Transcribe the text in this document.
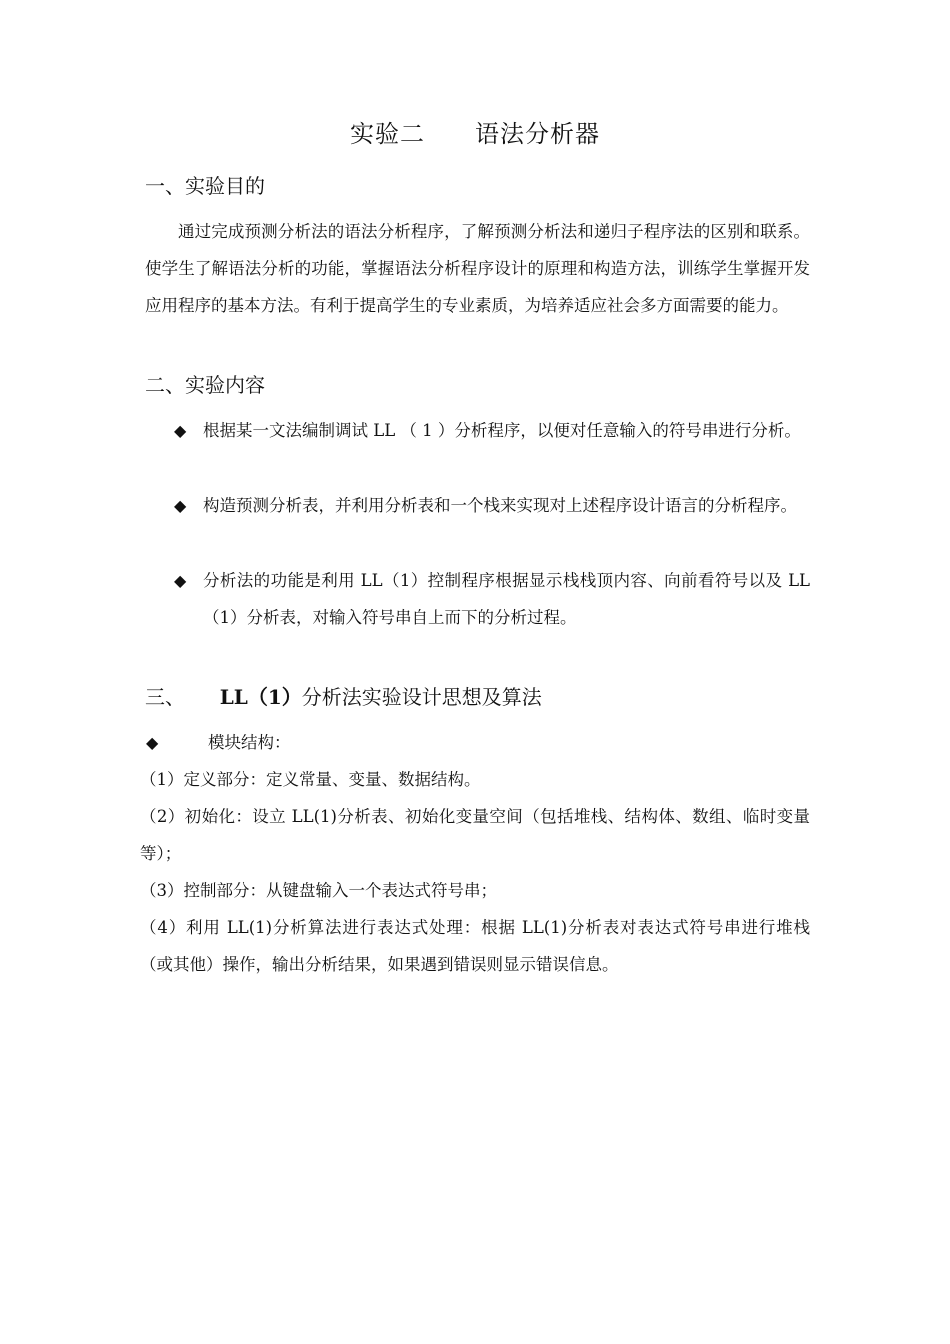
实验二　　语法分析器
一、实验目的
通过完成预测分析法的语法分析程序，了解预测分析法和递归子程序法的区别和联系。使学生了解语法分析的功能，掌握语法分析程序设计的原理和构造方法，训练学生掌握开发应用程序的基本方法。有利于提高学生的专业素质，为培养适应社会多方面需要的能力。
二、实验内容
◆	根据某一文法编制调试 LL （ 1 ）分析程序，以便对任意输入的符号串进行分析。
◆	构造预测分析表，并利用分析表和一个栈来实现对上述程序设计语言的分析程序。
◆	分析法的功能是利用 LL（1）控制程序根据显示栈栈顶内容、向前看符号以及 LL（1）分析表，对输入符号串自上而下的分析过程。
三、 LL（1）分析法实验设计思想及算法
◆	模块结构：
（1）定义部分：定义常量、变量、数据结构。
（2）初始化：设立 LL(1)分析表、初始化变量空间（包括堆栈、结构体、数组、临时变量等）；
（3）控制部分：从键盘输入一个表达式符号串；
（4）利用 LL(1)分析算法进行表达式处理：根据 LL(1)分析表对表达式符号串进行堆栈（或其他）操作，输出分析结果，如果遇到错误则显示错误信息。
